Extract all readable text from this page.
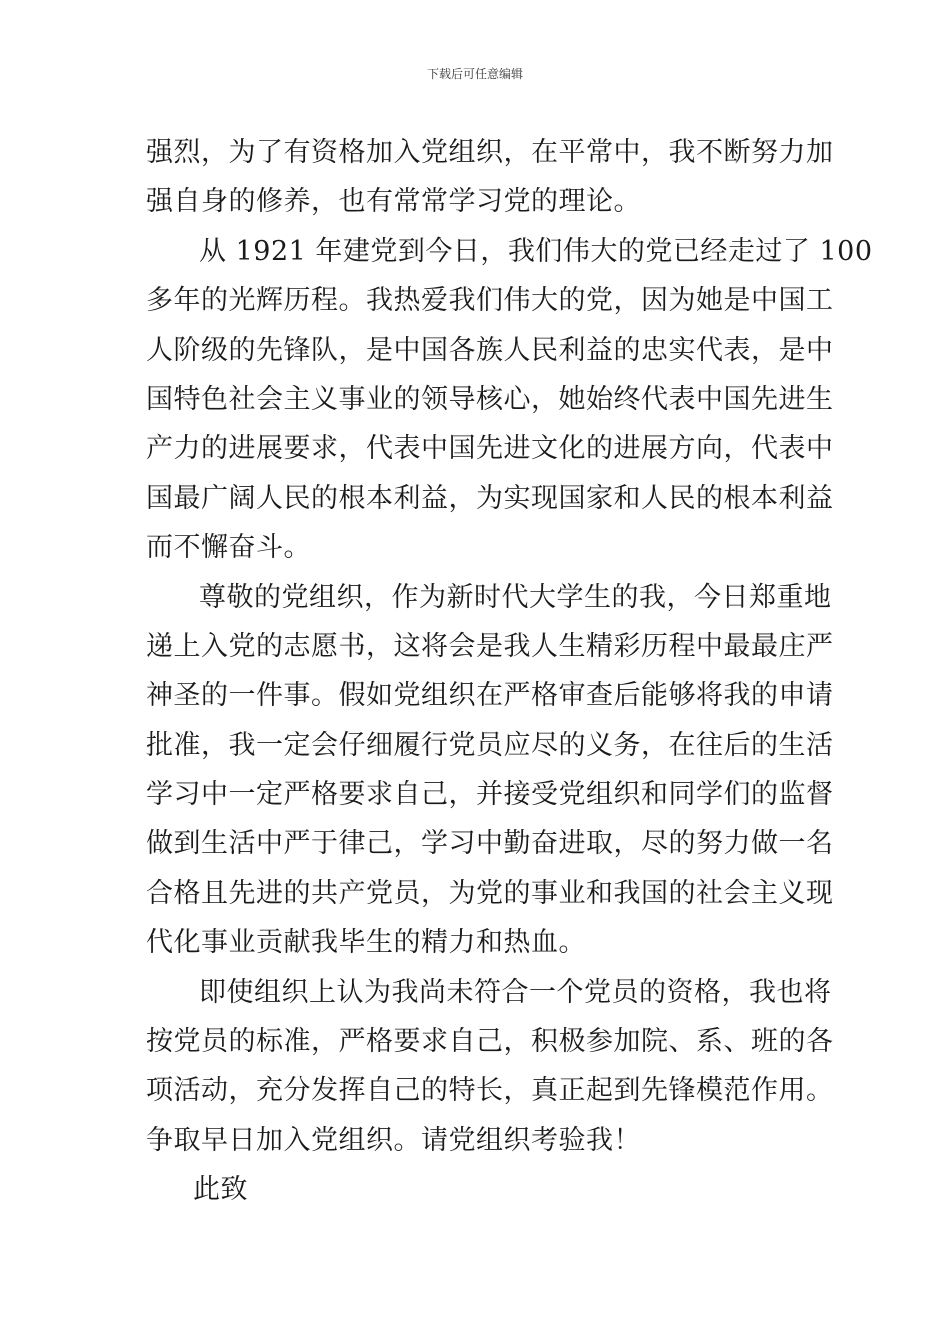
下载后可任意编辑
强烈，为了有资格加入党组织，在平常中，我不断努力加
强自身的修养，也有常常学习党的理论。
从 1921 年建党到今日，我们伟大的党已经走过了 100
多年的光辉历程。我热爱我们伟大的党，因为她是中国工
人阶级的先锋队，是中国各族人民利益的忠实代表，是中
国特色社会主义事业的领导核心，她始终代表中国先进生
产力的进展要求，代表中国先进文化的进展方向，代表中
国最广阔人民的根本利益，为实现国家和人民的根本利益
而不懈奋斗。
尊敬的党组织，作为新时代大学生的我，今日郑重地
递上入党的志愿书，这将会是我人生精彩历程中最最庄严
神圣的一件事。假如党组织在严格审查后能够将我的申请
批准，我一定会仔细履行党员应尽的义务，在往后的生活
学习中一定严格要求自己，并接受党组织和同学们的监督
做到生活中严于律己，学习中勤奋进取，尽的努力做一名
合格且先进的共产党员，为党的事业和我国的社会主义现
代化事业贡献我毕生的精力和热血。
即使组织上认为我尚未符合一个党员的资格，我也将
按党员的标准，严格要求自己，积极参加院、系、班的各
项活动，充分发挥自己的特长，真正起到先锋模范作用。
争取早日加入党组织。请党组织考验我！
此致
